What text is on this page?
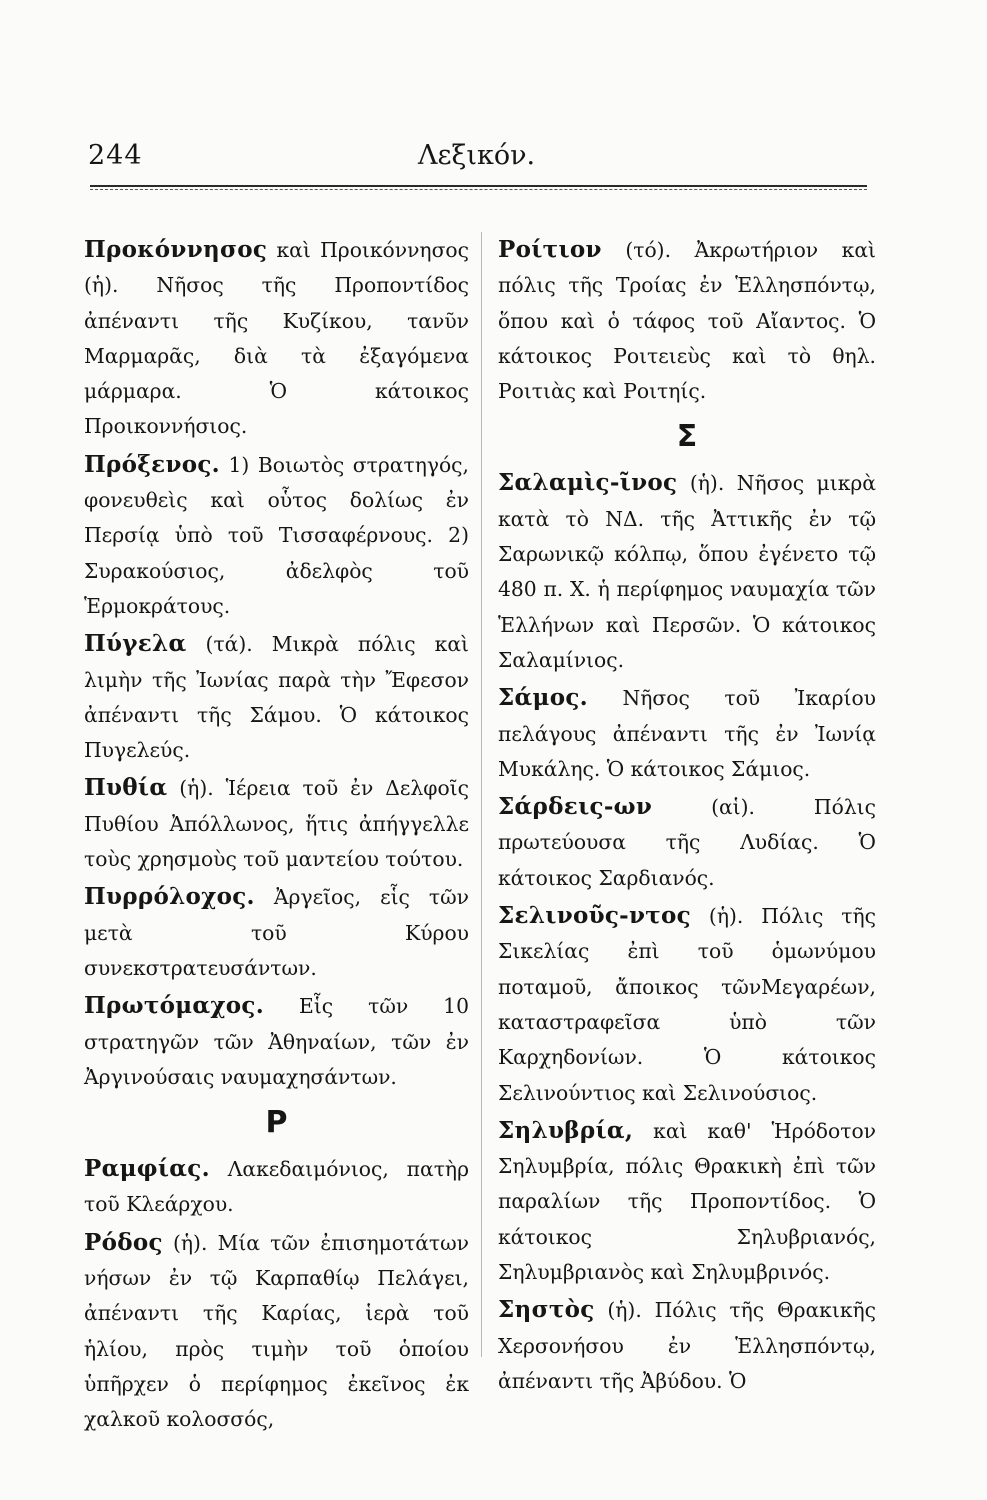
244	Λεξικόν.
Προκόννησος καὶ Προικόννησος (ἡ). Νῆσος τῆς Προποντίδος ἀπέναντι τῆς Κυζίκου, τανῦν Μαρμαρᾶς, διὰ τὰ ἐξαγόμενα μάρμαρα. Ὁ κάτοικος Προικοννήσιος.
Πρόξενος. 1) Βοιωτὸς στρατηγός, φονευθεὶς καὶ οὗτος δολίως ἐν Περσίᾳ ὑπὸ τοῦ Τισσαφέρνους. 2) Συρακούσιος, ἀδελφὸς τοῦ Ἑρμοκράτους.
Πύγελα (τά). Μικρὰ πόλις καὶ λιμὴν τῆς Ἰωνίας παρὰ τὴν Ἔφεσον ἀπέναντι τῆς Σάμου. Ὁ κάτοικος Πυγελεύς.
Πυθία (ἡ). Ἱέρεια τοῦ ἐν Δελφοῖς Πυθίου Ἀπόλλωνος, ἥτις ἀπήγγελλε τοὺς χρησμοὺς τοῦ μαντείου τούτου.
Πυρρόλοχος. Ἀργεῖος, εἷς τῶν μετὰ τοῦ Κύρου συνεκστρατευσάντων.
Πρωτόμαχος. Εἷς τῶν 10 στρατηγῶν τῶν Ἀθηναίων, τῶν ἐν Ἀργινούσαις ναυμαχησάντων.
Ρ
Ραμφίας. Λακεδαιμόνιος, πατὴρ τοῦ Κλεάρχου.
Ρόδος (ἡ). Μία τῶν ἐπισημοτάτων νήσων ἐν τῷ Καρπαθίῳ Πελάγει, ἀπέναντι τῆς Καρίας, ἱερὰ τοῦ ἡλίου, πρὸς τιμὴν τοῦ ὁποίου ὑπῆρχεν ὁ περίφημος ἐκεῖνος ἐκ χαλκοῦ κολοσσός,
Ροίτιον (τό). Ἀκρωτήριον καὶ πόλις τῆς Τροίας ἐν Ἑλλησπόντῳ, ὅπου καὶ ὁ τάφος τοῦ Αἴαντος. Ὁ κάτοικος Ροιτειεὺς καὶ τὸ θηλ. Ροιτιὰς καὶ Ροιτηίς.
Σ
Σαλαμὶς-ῖνος (ἡ). Νῆσος μικρὰ κατὰ τὸ ΝΔ. τῆς Ἀττικῆς ἐν τῷ Σαρωνικῷ κόλπῳ, ὅπου ἐγένετο τῷ 480 π. Χ. ἡ περίφημος ναυμαχία τῶν Ἑλλήνων καὶ Περσῶν. Ὁ κάτοικος Σαλαμίνιος.
Σάμος. Νῆσος τοῦ Ἰκαρίου πελάγους ἀπέναντι τῆς ἐν Ἰωνίᾳ Μυκάλης. Ὁ κάτοικος Σάμιος.
Σάρδεις-ων (αἱ). Πόλις πρωτεύουσα τῆς Λυδίας. Ὁ κάτοικος Σαρδιανός.
Σελινοῦς-ντος (ἡ). Πόλις τῆς Σικελίας ἐπὶ τοῦ ὁμωνύμου ποταμοῦ, ἄποικος τῶνΜεγαρέων, καταστραφεῖσα ὑπὸ τῶν Καρχηδονίων. Ὁ κάτοικος Σελινούντιος καὶ Σελινούσιος.
Σηλυβρία, καὶ καθ' Ἡρόδοτον Σηλυμβρία, πόλις Θρακικὴ ἐπὶ τῶν παραλίων τῆς Προποντίδος. Ὁ κάτοικος Σηλυβριανός, Σηλυμβριανὸς καὶ Σηλυμβρινός.
Σηστὸς (ἡ). Πόλις τῆς Θρακικῆς Χερσονήσου ἐν Ἑλλησπόντῳ, ἀπέναντι τῆς Ἀβύδου. Ὁ
